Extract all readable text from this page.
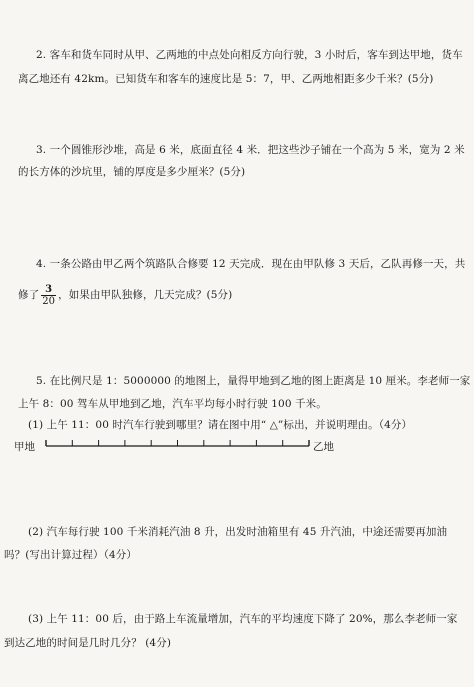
2. 客车和货车同时从甲、乙两地的中点处向相反方向行驶，3 小时后，客车到达甲地，货车
离乙地还有 42km。已知货车和客车的速度比是 5：7，甲、乙两地相距多少千米？(5分)
3. 一个圆锥形沙堆，高是 6 米，底面直径 4 米．把这些沙子铺在一个高为 5 米，宽为 2 米
的长方体的沙坑里，铺的厚度是多少厘米？(5分)
4. 一条公路由甲乙两个筑路队合修要 12 天完成．现在由甲队修 3 天后，乙队再修一天，共
修了 $\frac{3}{20}$ ，如果由甲队独修，几天完成？(5分)
5. 在比例尺是 1：5000000 的地图上，量得甲地到乙地的图上距离是 10 厘米。李老师一家
上午 8：00 驾车从甲地到乙地，汽车平均每小时行驶 100 千米。
(1) 上午 11：00 时汽车行驶到哪里？请在图中用“ △”标出，并说明理由。（4分）
甲地	乙地
(2) 汽车每行驶 100 千米消耗汽油 8 升，出发时油箱里有 45 升汽油，中途还需要再加油
吗？(写出计算过程）（4分）
(3) 上午 11：00 后，由于路上车流量增加，汽车的平均速度下降了 20%，那么李老师一家
到达乙地的时间是几时几分？ (4分)
